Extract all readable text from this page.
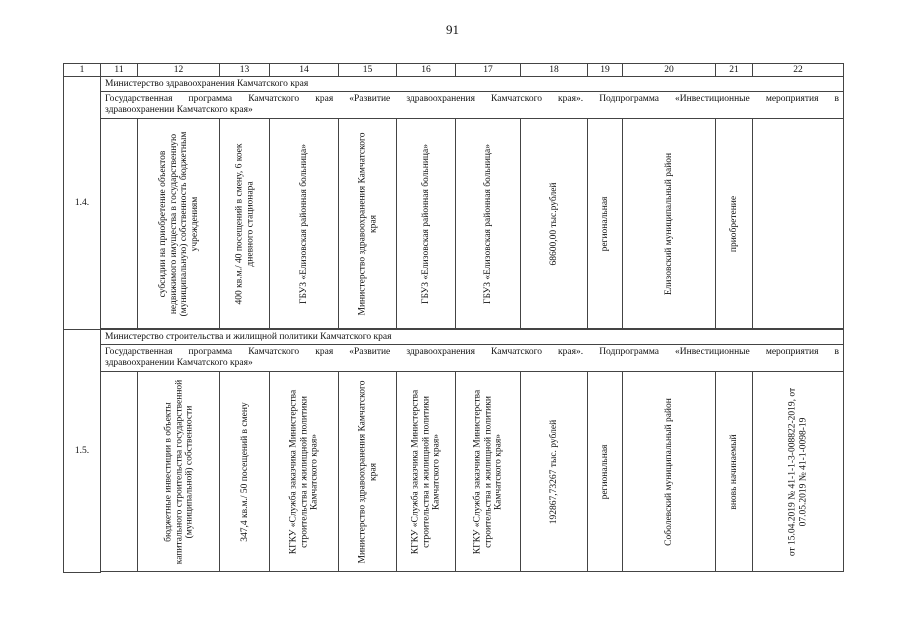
91
1	11	12	13	14	15	16	17	18	19	20	21	22
1.4.	Министерство здравоохранения Камчатского края											

	Государственная программа Камчатского края «Развитие здравоохранения Камчатского края». Подпрограмма «Инвестиционные мероприятия в
здравоохранении Камчатского края»											

		субсидии на приобретение объектов недвижимого имущества в государственную (муниципальную) собственность бюджетным учреждениям	400 кв.м./ 40 посещений в смену, 6 коек дневного стационара	ГБУЗ «Елизовская районная больница»	Министерство здравоохранения Камчатского края	ГБУЗ «Елизовская районная больница»	ГБУЗ «Елизовская районная больница»	68600,00 тыс.рублей	региональная	Елизовский муниципальный район	приобретение	

1.5.	Министерство строительства и жилищной политики Камчатского края											

	Государственная программа Камчатского края «Развитие здравоохранения Камчатского края». Подпрограмма «Инвестиционные мероприятия в
здравоохранении Камчатского края»											

		бюджетные инвестиции в объекты капитального строительства государственной (муниципальной) собственности	347,4 кв.м./ 50 посещений в смену	КГКУ «Служба заказчика Министерства строительства и жилищной политики Камчатского края»	Министерство здравоохранения Камчатского края	КГКУ «Служба заказчика Министерства строительства и жилищной политики Камчатского края»	КГКУ «Служба заказчика Министерства строительства и жилищной политики Камчатского края»	192867,73267 тыс. рублей	региональная	Соболевский муниципальный район	вновь начинаемый	от 15.04.2019 № 41-1-1-3-008822-2019, от 07.05.2019 № 41-1-0098-19
